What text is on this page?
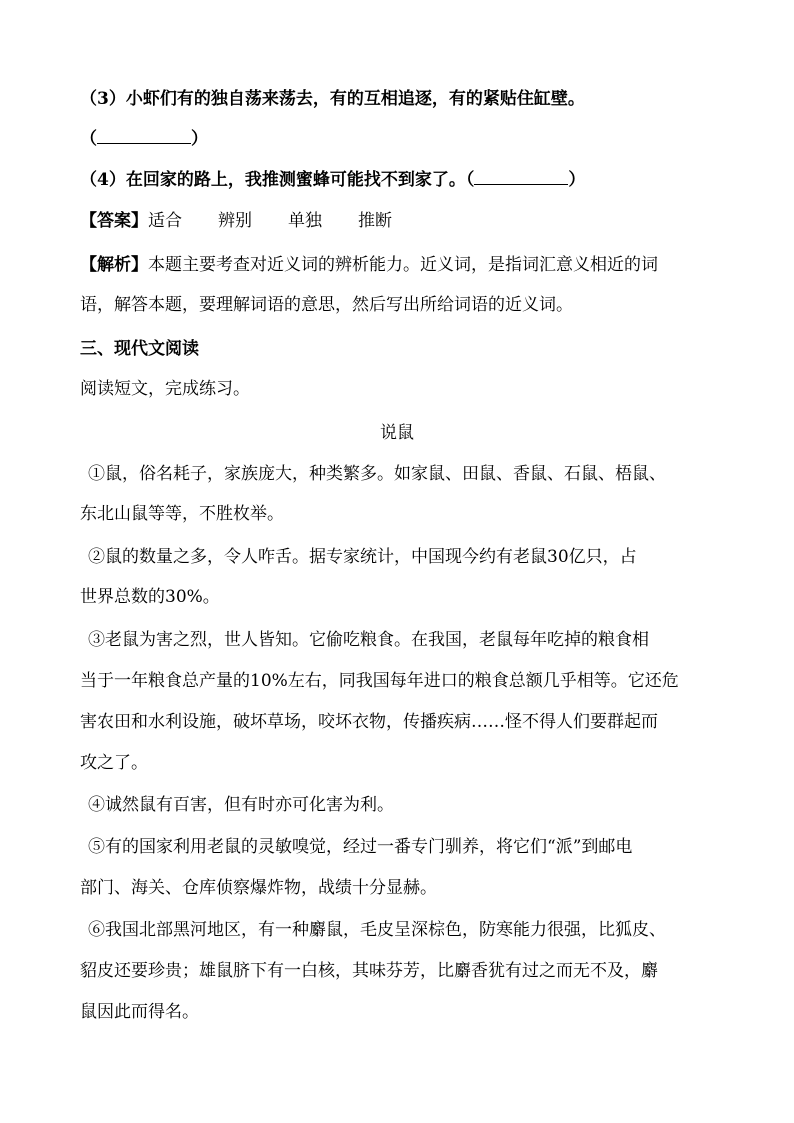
（3）小虾们有的独自荡来荡去，有的互相追逐，有的紧贴住缸壁。
（	）
（4）在回家的路上，我推测蜜蜂可能找不到家了。（	）
【答案】适合 辨别 单独 推断
【解析】本题主要考查对近义词的辨析能力。近义词，是指词汇意义相近的词
语，解答本题，要理解词语的意思，然后写出所给词语的近义词。
三、现代文阅读
阅读短文，完成练习。
说鼠
①鼠，俗名耗子，家族庞大，种类繁多。如家鼠、田鼠、香鼠、石鼠、梧鼠、
东北山鼠等等，不胜枚举。
②鼠的数量之多，令人咋舌。据专家统计，中国现今约有老鼠30亿只，占
世界总数的30%。
③老鼠为害之烈，世人皆知。它偷吃粮食。在我国，老鼠每年吃掉的粮食相
当于一年粮食总产量的10%左右，同我国每年进口的粮食总额几乎相等。它还危
害农田和水利设施，破坏草场，咬坏衣物，传播疾病……怪不得人们要群起而
攻之了。
④诚然鼠有百害，但有时亦可化害为利。
⑤有的国家利用老鼠的灵敏嗅觉，经过一番专门驯养，将它们“派”到邮电
部门、海关、仓库侦察爆炸物，战绩十分显赫。
⑥我国北部黑河地区，有一种麝鼠，毛皮呈深棕色，防寒能力很强，比狐皮、
貂皮还要珍贵；雄鼠脐下有一白核，其味芬芳，比麝香犹有过之而无不及，麝
鼠因此而得名。
